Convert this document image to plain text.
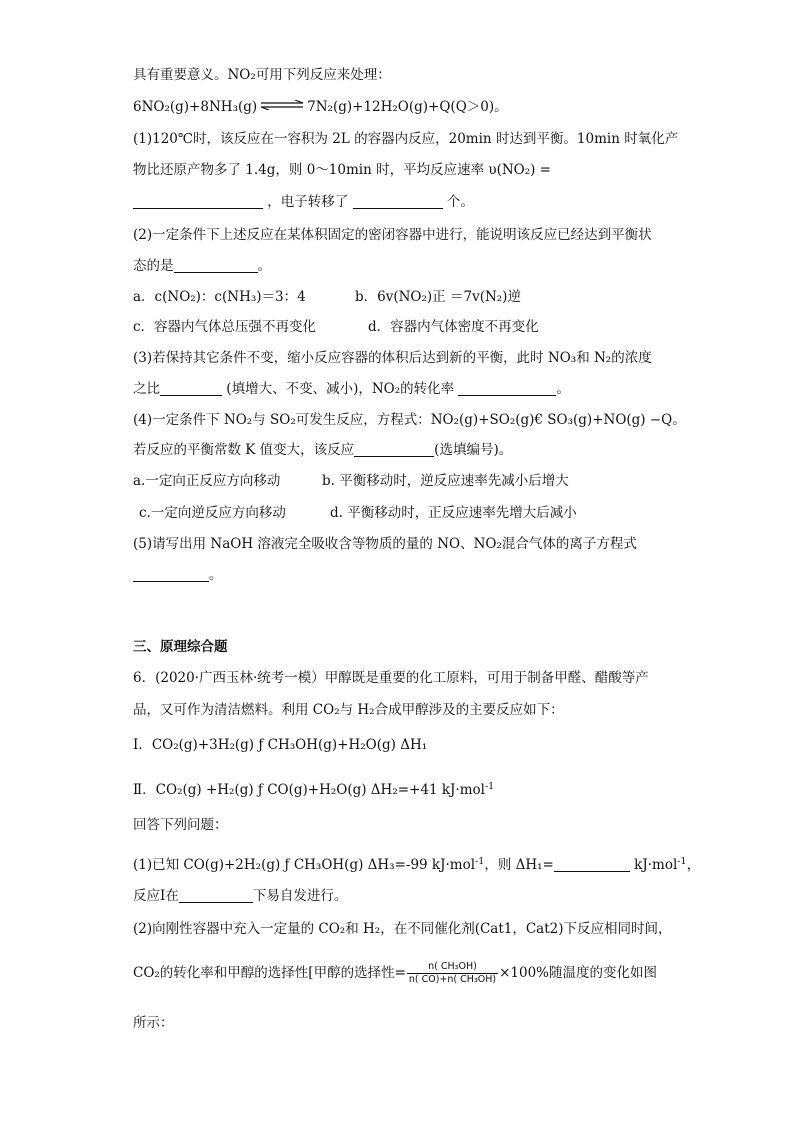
具有重要意义。NO₂可用下列反应来处理：
6NO₂(g)+8NH₃(g) ⇌ 7N₂(g)+12H₂O(g)+Q(Q＞0)。
(1)120℃时，该反应在一容积为 2L 的容器内反应，20min 时达到平衡。10min 时氧化产
物比还原产物多了 1.4g，则 0～10min 时，平均反应速率 υ(NO₂) =
，电子转移了	个。
(2)一定条件下上述反应在某体积固定的密闭容器中进行，能说明该反应已经达到平衡状
态的是	。
a．c(NO₂)：c(NH₃)＝3：4	b．6v(NO₂)正 ＝7v(N₂)逆
c．容器内气体总压强不再变化	d．容器内气体密度不再变化
(3)若保持其它条件不变，缩小反应容器的体积后达到新的平衡，此时 NO₃和 N₂的浓度
之比	(填增大、不变、减小)，NO₂的转化率	。
(4)一定条件下 NO₂与 SO₂可发生反应，方程式：NO₂(g)+SO₂(g)€ SO₃(g)+NO(g) −Q。
若反应的平衡常数 K 值变大，该反应	(选填编号)。
a.一定向正反应方向移动	b. 平衡移动时，逆反应速率先减小后增大
c.一定向逆反应方向移动	d. 平衡移动时，正反应速率先增大后减小
(5)请写出用 NaOH 溶液完全吸收含等物质的量的 NO、NO₂混合气体的离子方程式
。
三、原理综合题
6．(2020·广西玉林·统考一模）甲醇既是重要的化工原料，可用于制备甲醛、醋酸等产
品，又可作为清洁燃料。利用 CO₂与 H₂合成甲醇涉及的主要反应如下：
Ⅰ．CO₂(g)+3H₂(g) ƒ CH₃OH(g)+H₂O(g) ΔH₁
Ⅱ．CO₂(g) +H₂(g) ƒ CO(g)+H₂O(g) ΔH₂=+41 kJ·mol$^{-1}$
回答下列问题：
(1)已知 CO(g)+2H₂(g) ƒ CH₃OH(g) ΔH₃=-99 kJ·mol$^{-1}$，则 ΔH₁=	kJ·mol$^{-1}$，
反应Ⅰ在	下易自发进行。
(2)向刚性容器中充入一定量的 CO₂和 H₂，在不同催化剂(Cat1，Cat2)下反应相同时间，
CO₂的转化率和甲醇的选择性[甲醇的选择性= $\frac{\text{n( CH₃OH)}}{\text{n( CO)+n( CH₃OH)}} \times 100\%$随温度的变化如图
所示：
